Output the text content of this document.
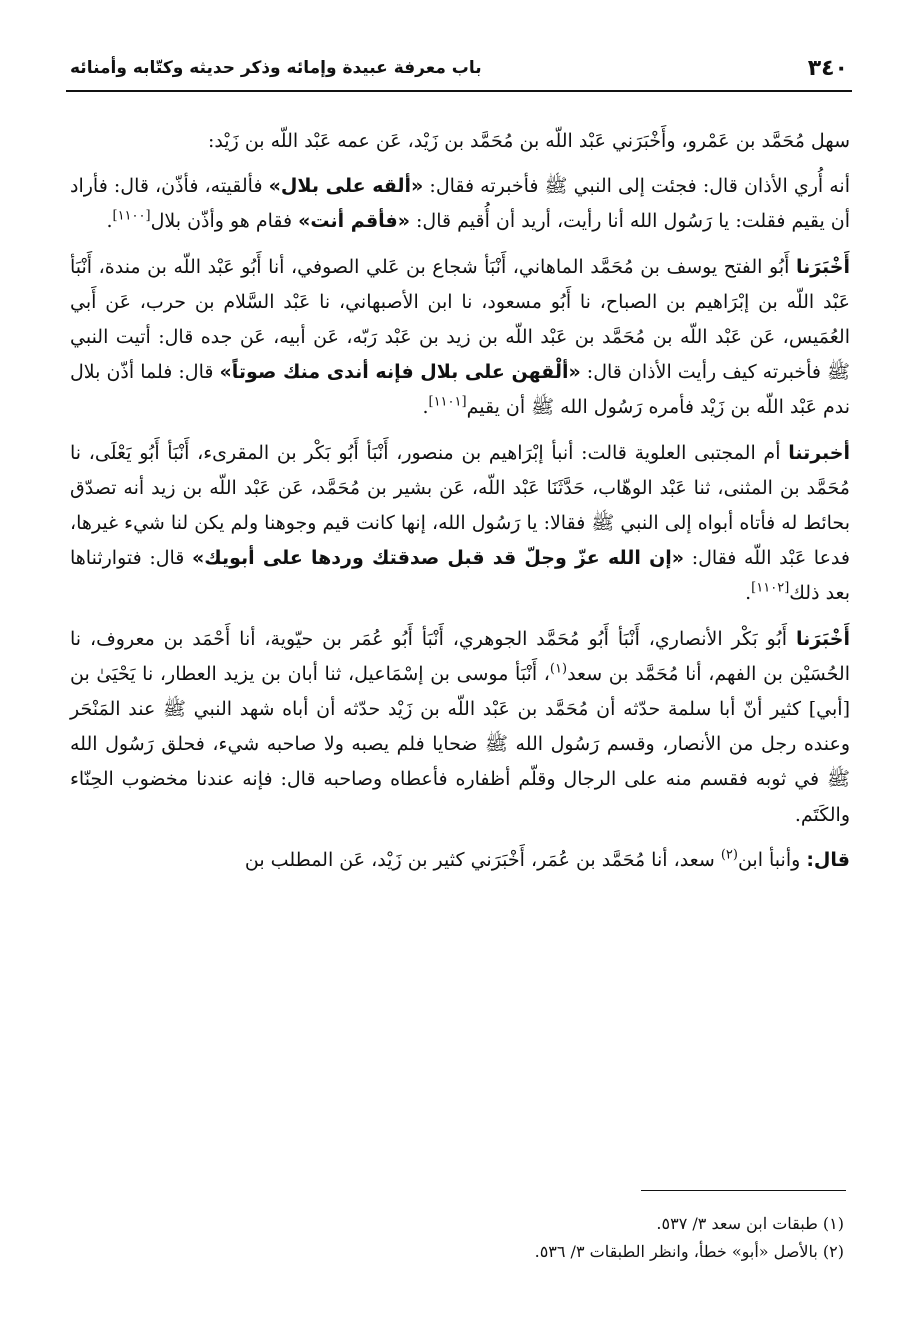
٣٤٠
باب معرفة عبيدة وإمائه وذكر حديثه وكتّابه وأمنائه

سهل مُحَمَّد بن عَمْرو، وأَخْبَرَني عَبْد اللّه بن مُحَمَّد بن زَيْد، عَن عمه عَبْد اللّه بن زَيْد:

أنه أُري الأذان قال: فجئت إلى النبي ﷺ فأخبرته فقال: «ألقه على بلال» فألقيته، فأذّن، قال: فأراد أن يقيم فقلت: يا رَسُول الله أنا رأيت، أريد أن أُقيم قال: «فأقم أنت» فقام هو وأذّن بلال[١١٠٠].

أَخْبَرَنا أَبُو الفتح يوسف بن مُحَمَّد الماهاني، أَنْبَأ شجاع بن عَلي الصوفي، أنا أَبُو عَبْد اللّه بن مندة، أَنْبَأ عَبْد اللّه بن إبْرَاهيم بن الصباح، نا أَبُو مسعود، نا ابن الأصبهاني، نا عَبْد السَّلام بن حرب، عَن أَبي العُمَيس، عَن عَبْد اللّه بن مُحَمَّد بن عَبْد اللّه بن زيد بن عَبْد رَبّه، عَن أبيه، عَن جده قال: أتيت النبي ﷺ فأخبرته كيف رأيت الأذان قال: «ألْقهن على بلال فإنه أندى منك صوتاً» قال: فلما أذّن بلال ندم عَبْد اللّه بن زَيْد فأمره رَسُول الله ﷺ أن يقيم[١١٠١].

أخبرتنا أم المجتبى العلوية قالت: أنبأ إبْرَاهيم بن منصور، أَنْبَأ أَبُو بَكْر بن المقرىء، أَنْبَأ أَبُو يَعْلَى، نا مُحَمَّد بن المثنى، ثنا عَبْد الوهّاب، حَدَّثَنَا عَبْد اللّه، عَن بشير بن مُحَمَّد، عَن عَبْد اللّه بن زيد أنه تصدّق بحائط له فأتاه أبواه إلى النبي ﷺ فقالا: يا رَسُول الله، إنها كانت قيم وجوهنا ولم يكن لنا شيء غيرها، فدعا عَبْد اللّه فقال: «إن الله عزّ وجلّ قد قبل صدقتك وردها على أبويك» قال: فتوارثناها بعد ذلك[١١٠٢].

أَخْبَرَنا أَبُو بَكْر الأنصاري، أَنْبَأ أَبُو مُحَمَّد الجوهري، أَنْبَأ أَبُو عُمَر بن حيّوية، أنا أَحْمَد بن معروف، نا الحُسَيْن بن الفهم، أنا مُحَمَّد بن سعد$^{(١)}$، أَنْبَأ موسى بن إسْمَاعيل، ثنا أبان بن يزيد العطار، نا يَحْيَىٰ بن [أبي] كثير أنّ أبا سلمة حدّثه أن مُحَمَّد بن عَبْد اللّه بن زَيْد حدّثه أن أباه شهد النبي ﷺ عند المَنْحَر وعنده رجل من الأنصار، وقسم رَسُول الله ﷺ ضحايا فلم يصبه ولا صاحبه شيء، فحلق رَسُول الله ﷺ في ثوبه فقسم منه على الرجال وقلّم أظفاره فأعطاه وصاحبه قال: فإنه عندنا مخضوب الحِنّاء والكَتَم.

قال: وأنبأ ابن$^{(٢)}$ سعد، أنا مُحَمَّد بن عُمَر، أَخْبَرَني كثير بن زَيْد، عَن المطلب بن

(١) طبقات ابن سعد ٣/ ٥٣٧.

(٢) بالأصل «أبو» خطأ، وانظر الطبقات ٣/ ٥٣٦.
